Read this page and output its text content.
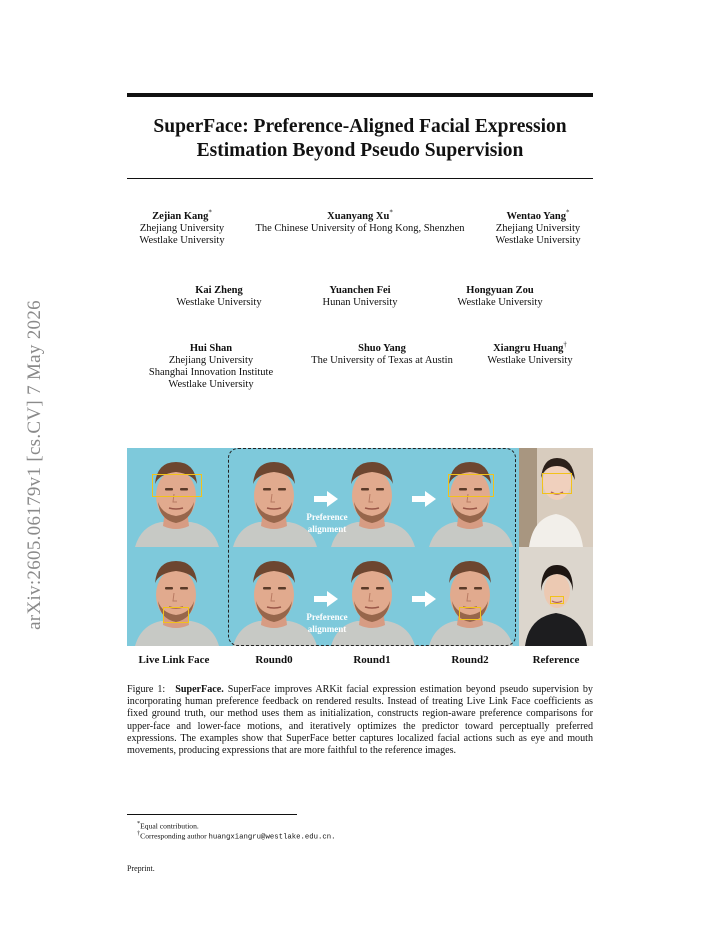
arXiv:2605.06179v1 [cs.CV] 7 May 2026
SuperFace: Preference-Aligned Facial Expression
Estimation Beyond Pseudo Supervision
Zejian Kang*
Zhejiang University
Westlake University
Xuanyang Xu*
The Chinese University of Hong Kong, Shenzhen
Wentao Yang*
Zhejiang University
Westlake University
Kai Zheng
Westlake University
Yuanchen Fei
Hunan University
Hongyuan Zou
Westlake University
Hui Shan
Zhejiang University
Shanghai Innovation Institute
Westlake University
Shuo Yang
The University of Texas at Austin
Xiangru Huang†
Westlake University
Preference
alignment
Preference
alignment
Live Link Face	Round0	Round1	Round2	Reference
Figure 1: SuperFace. SuperFace improves ARKit facial expression estimation beyond pseudo supervision by incorporating human preference feedback on rendered results. Instead of treating Live Link Face coefficients as fixed ground truth, our method uses them as initialization, constructs region-aware preference comparisons for upper-face and lower-face motions, and iteratively optimizes the predictor toward perceptually preferred expressions. The examples show that SuperFace better captures localized facial actions such as eye and mouth movements, producing expressions that are more faithful to the reference images.
*Equal contribution.
†Corresponding author huangxiangru@westlake.edu.cn.
Preprint.
